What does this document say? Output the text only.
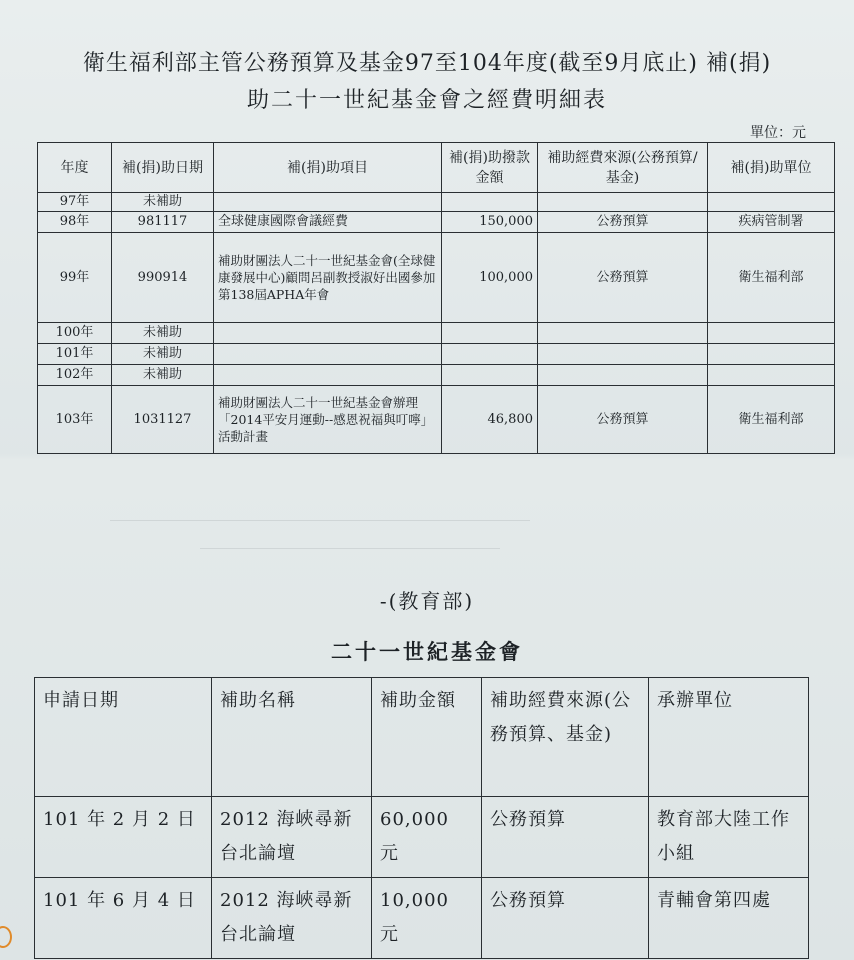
衛生福利部主管公務預算及基金97至104年度(截至9月底止) 補(捐)
助二十一世紀基金會之經費明細表
單位：元
年度	補(捐)助日期	補(捐)助項目	補(捐)助撥款金額	補助經費來源(公務預算/基金)	補(捐)助單位
97年	未補助				
98年	981117	全球健康國際會議經費	150,000	公務預算	疾病管制署
99年	990914	補助財團法人二十一世紀基金會(全球健康發展中心)顧問呂副教授淑好出國參加第138屆APHA年會	100,000	公務預算	衛生福利部
100年	未補助				
101年	未補助				
102年	未補助				
103年	1031127	補助財團法人二十一世紀基金會辦理「2014平安月運動--感恩祝福與叮嚀」活動計畫	46,800	公務預算	衛生福利部
-(教育部)
二十一世紀基金會
申請日期	補助名稱	補助金額	補助經費來源(公務預算、基金)	承辦單位
101 年 2 月 2 日	2012 海峽尋新台北論壇	60,000 元	公務預算	教育部大陸工作小組
101 年 6 月 4 日	2012 海峽尋新台北論壇	10,000 元	公務預算	青輔會第四處
